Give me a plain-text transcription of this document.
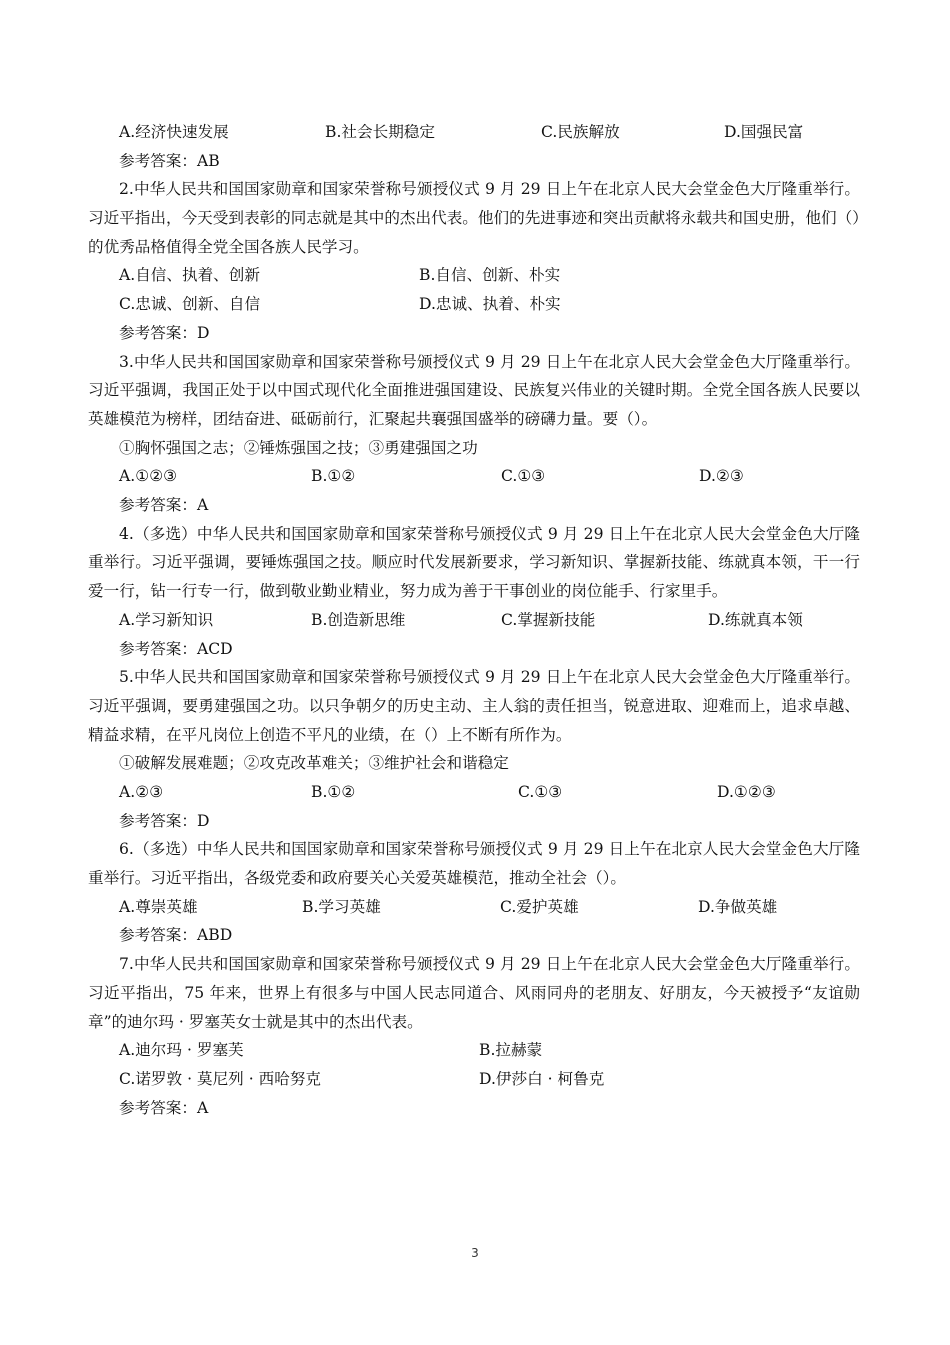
A.经济快速发展	B.社会长期稳定	C.民族解放	D.国强民富
参考答案：AB

2.中华人民共和国国家勋章和国家荣誉称号颁授仪式 9 月 29 日上午在北京人民大会堂金色大厅隆重举行。习近平指出，今天受到表彰的同志就是其中的杰出代表。他们的先进事迹和突出贡献将永载共和国史册，他们（）的优秀品格值得全党全国各族人民学习。

A.自信、执着、创新	B.自信、创新、朴实
C.忠诚、创新、自信	D.忠诚、执着、朴实
参考答案：D

3.中华人民共和国国家勋章和国家荣誉称号颁授仪式 9 月 29 日上午在北京人民大会堂金色大厅隆重举行。习近平强调，我国正处于以中国式现代化全面推进强国建设、民族复兴伟业的关键时期。全党全国各族人民要以英雄模范为榜样，团结奋进、砥砺前行，汇聚起共襄强国盛举的磅礴力量。要（）。

①胸怀强国之志；②锤炼强国之技；③勇建强国之功
A.①②③	B.①②	C.①③	D.②③
参考答案：A

4.（多选）中华人民共和国国家勋章和国家荣誉称号颁授仪式 9 月 29 日上午在北京人民大会堂金色大厅隆重举行。习近平强调，要锤炼强国之技。顺应时代发展新要求，学习新知识、掌握新技能、练就真本领，干一行爱一行，钻一行专一行，做到敬业勤业精业，努力成为善于干事创业的岗位能手、行家里手。

A.学习新知识	B.创造新思维	C.掌握新技能	D.练就真本领
参考答案：ACD

5.中华人民共和国国家勋章和国家荣誉称号颁授仪式 9 月 29 日上午在北京人民大会堂金色大厅隆重举行。习近平强调，要勇建强国之功。以只争朝夕的历史主动、主人翁的责任担当，锐意进取、迎难而上，追求卓越、精益求精，在平凡岗位上创造不平凡的业绩，在（）上不断有所作为。

①破解发展难题；②攻克改革难关；③维护社会和谐稳定
A.②③	B.①②	C.①③	D.①②③
参考答案：D

6.（多选）中华人民共和国国家勋章和国家荣誉称号颁授仪式 9 月 29 日上午在北京人民大会堂金色大厅隆重举行。习近平指出，各级党委和政府要关心关爱英雄模范，推动全社会（）。

A.尊崇英雄	B.学习英雄	C.爱护英雄	D.争做英雄
参考答案：ABD

7.中华人民共和国国家勋章和国家荣誉称号颁授仪式 9 月 29 日上午在北京人民大会堂金色大厅隆重举行。习近平指出，75 年来，世界上有很多与中国人民志同道合、风雨同舟的老朋友、好朋友，今天被授予“友谊勋章”的迪尔玛 · 罗塞芙女士就是其中的杰出代表。

A.迪尔玛 · 罗塞芙	B.拉赫蒙
C.诺罗敦 · 莫尼列 · 西哈努克	D.伊莎白 · 柯鲁克
参考答案：A
3
